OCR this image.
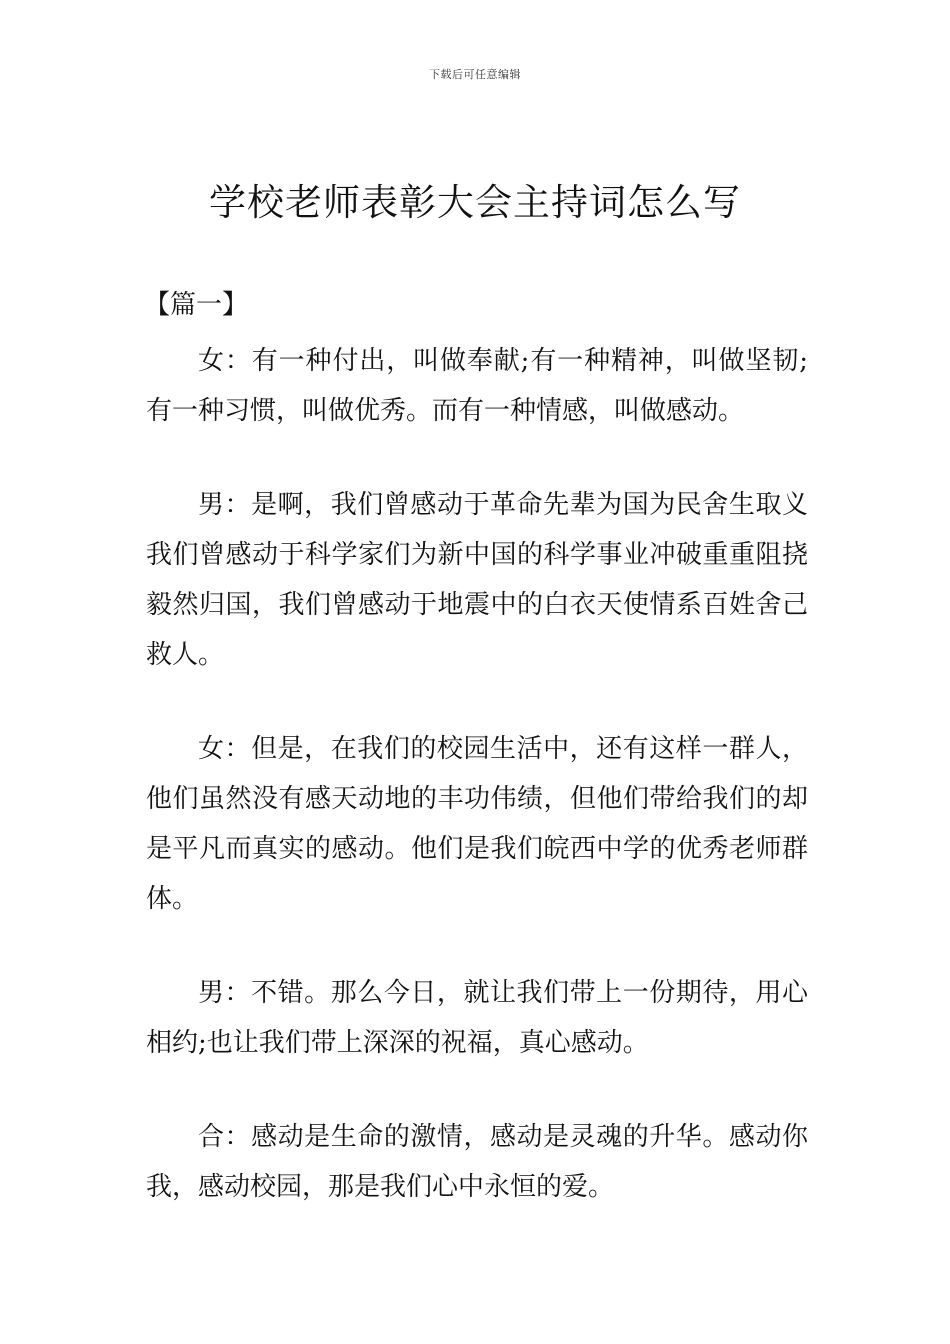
下载后可任意编辑
学校老师表彰大会主持词怎么写
【篇一】

女：有一种付出，叫做奉献;有一种精神，叫做坚韧;有一种习惯，叫做优秀。而有一种情感，叫做感动。

男：是啊，我们曾感动于革命先辈为国为民舍生取义我们曾感动于科学家们为新中国的科学事业冲破重重阻挠毅然归国，我们曾感动于地震中的白衣天使情系百姓舍己救人。

女：但是，在我们的校园生活中，还有这样一群人，他们虽然没有感天动地的丰功伟绩，但他们带给我们的却是平凡而真实的感动。他们是我们皖西中学的优秀老师群体。

男：不错。那么今日，就让我们带上一份期待，用心相约;也让我们带上深深的祝福，真心感动。

合：感动是生命的激情，感动是灵魂的升华。感动你我，感动校园，那是我们心中永恒的爱。
